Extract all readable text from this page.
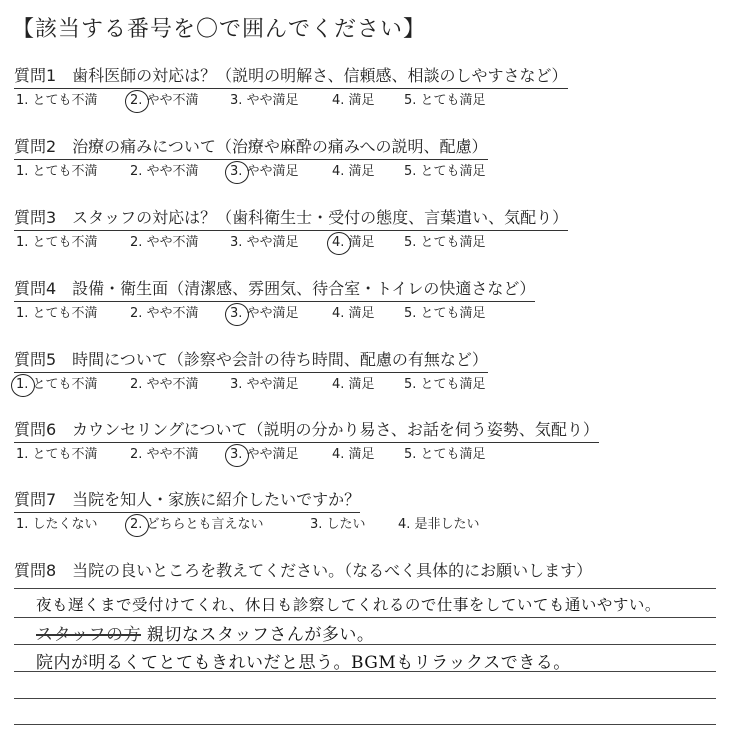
【該当する番号を〇で囲んでください】
質問1　歯科医師の対応は？（説明の明解さ、信頼感、相談のしやすさなど）
1. とても不満 2. やや不満 3. やや満足	4. 満足 5. とても満足
質問2　治療の痛みについて（治療や麻酔の痛みへの説明、配慮）
1. とても不満 2. やや不満 3. やや満足	4. 満足 5. とても満足
質問3　スタッフの対応は？（歯科衛生士・受付の態度、言葉遣い、気配り）
1. とても不満 2. やや不満 3. やや満足	4. 満足 5. とても満足
質問4　設備・衛生面（清潔感、雰囲気、待合室・トイレの快適さなど）
1. とても不満 2. やや不満 3. やや満足	4. 満足 5. とても満足
質問5　時間について（診察や会計の待ち時間、配慮の有無など）
1. とても不満 2. やや不満 3. やや満足	4. 満足 5. とても満足
質問6　カウンセリングについて（説明の分かり易さ、お話を伺う姿勢、気配り）
1. とても不満 2. やや不満 3. やや満足	4. 満足 5. とても満足
質問7　当院を知人・家族に紹介したいですか？
1. したくない 2. どちらとも言えない	3. したい 4. 是非したい
質問8　当院の良いところを教えてください。（なるべく具体的にお願いします）
夜も遅くまで受付けてくれ、休日も診察してくれるので仕事をしていても通いやすい。
スタッフの方 親切なスタッフさんが多い。
院内が明るくてとてもきれいだと思う。BGMもリラックスできる。
